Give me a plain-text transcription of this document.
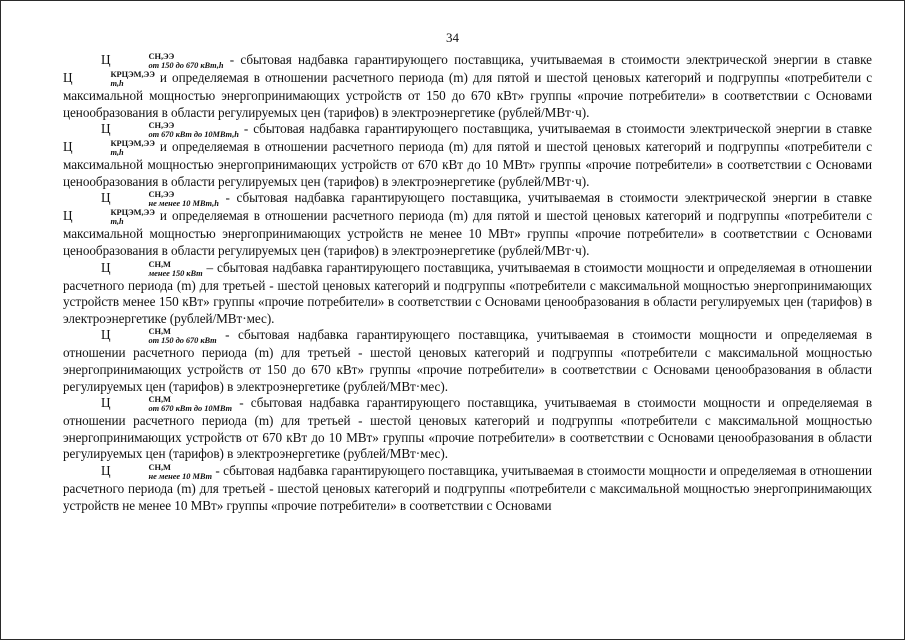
34

Ц	СН,ЭЭ
от 150 до 670 кВт,h - сбытовая надбавка гарантирующего поставщика, учитываемая в стоимости электрической энергии в ставке Ц	КРЦЭМ,ЭЭ
m,h	и определяемая в отношении расчетного периода (m) для пятой и шестой ценовых категорий и подгруппы «потребители с максимальной мощностью энергопринимающих устройств от 150 до 670 кВт» группы «прочие потребители» в соответствии с Основами ценообразования в области регулируемых цен (тарифов) в электроэнергетике (рублей/МВт·ч).

Ц	СН,ЭЭ
от 670 кВт до 10МВт,h - сбытовая надбавка гарантирующего поставщика, учитываемая в стоимости электрической энергии в ставке Ц	КРЦЭМ,ЭЭ
m,h	и определяемая в отношении расчетного периода (m) для пятой и шестой ценовых категорий и подгруппы «потребители с максимальной мощностью энергопринимающих устройств от 670 кВт до 10 МВт» группы «прочие потребители» в соответствии с Основами ценообразования в области регулируемых цен (тарифов) в электроэнергетике (рублей/МВт·ч).

Ц	СН,ЭЭ
не менее 10 МВт,h - сбытовая надбавка гарантирующего поставщика, учитываемая в стоимости электрической энергии в ставке Ц	КРЦЭМ,ЭЭ
m,h	и определяемая в отношении расчетного периода (m) для пятой и шестой ценовых категорий и подгруппы «потребители с максимальной мощностью энергопринимающих устройств не менее 10 МВт» группы «прочие потребители» в соответствии с Основами ценообразования в области регулируемых цен (тарифов) в электроэнергетике (рублей/МВт·ч).

Ц	СН,М
менее 150 кВт – сбытовая надбавка гарантирующего поставщика, учитываемая в стоимости мощности и определяемая в отношении расчетного периода (m) для третьей - шестой ценовых категорий и подгруппы «потребители с максимальной мощностью энергопринимающих устройств менее 150 кВт» группы «прочие потребители» в соответствии с Основами ценообразования в области регулируемых цен (тарифов) в электроэнергетике (рублей/МВт·мес).

Ц	СН,М
от 150 до 670 кВт - сбытовая надбавка гарантирующего поставщика, учитываемая в стоимости мощности и определяемая в отношении расчетного периода (m) для третьей - шестой ценовых категорий и подгруппы «потребители с максимальной мощностью энергопринимающих устройств от 150 до 670 кВт» группы «прочие потребители» в соответствии с Основами ценообразования в области регулируемых цен (тарифов) в электроэнергетике (рублей/МВт·мес).

Ц	СН,М
от 670 кВт до 10МВт - сбытовая надбавка гарантирующего поставщика, учитываемая в стоимости мощности и определяемая в отношении расчетного периода (m) для третьей - шестой ценовых категорий и подгруппы «потребители с максимальной мощностью энергопринимающих устройств от 670 кВт до 10 МВт» группы «прочие потребители» в соответствии с Основами ценообразования в области регулируемых цен (тарифов) в электроэнергетике (рублей/МВт·мес).

Ц	СН,М
не менее 10 МВт - сбытовая надбавка гарантирующего поставщика, учитываемая в стоимости мощности и определяемая в отношении расчетного периода (m) для третьей - шестой ценовых категорий и подгруппы «потребители с максимальной мощностью энергопринимающих устройств не менее 10 МВт» группы «прочие потребители» в соответствии с Основами
